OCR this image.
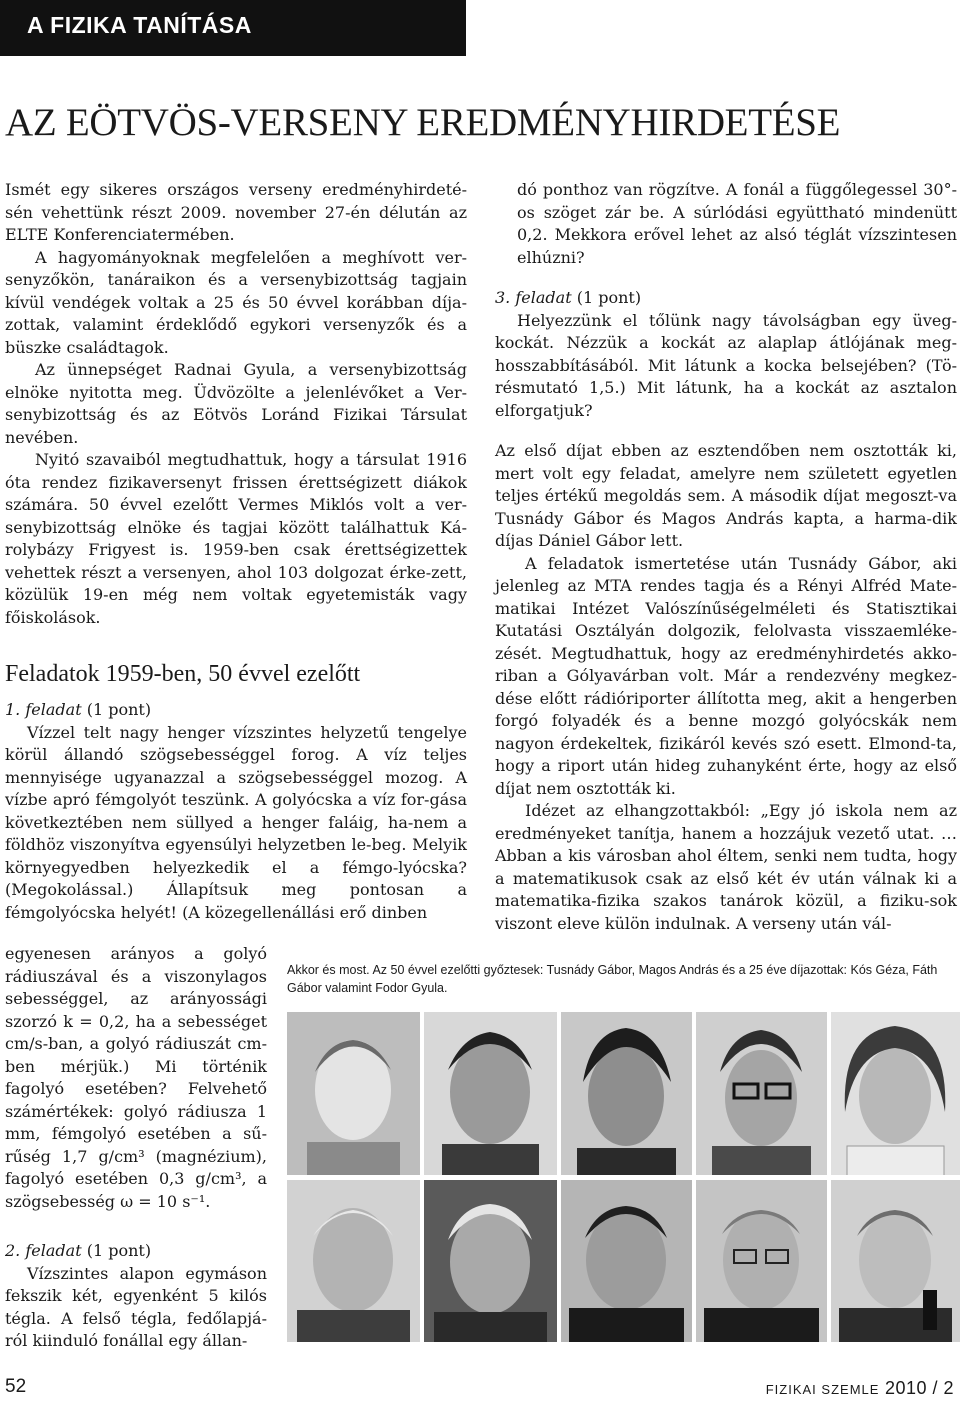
A FIZIKA TANÍTÁSA
AZ EÖTVÖS-VERSENY EREDMÉNYHIRDETÉSE

Ismét egy sikeres országos verseny eredményhirdeté-sén vehettünk részt 2009. november 27-én délután az ELTE Konferenciatermében.

A hagyományoknak megfelelően a meghívott ver-senyzőkön, tanáraikon és a versenybizottság tagjain kívül vendégek voltak a 25 és 50 évvel korábban díja-zottak, valamint érdeklődő egykori versenyzők és a büszke családtagok.

Az ünnepséget Radnai Gyula, a versenybizottság elnöke nyitotta meg. Üdvözölte a jelenlévőket a Ver-senybizottság és az Eötvös Loránd Fizikai Társulat nevében.

Nyitó szavaiból megtudhattuk, hogy a társulat 1916 óta rendez fizikaversenyt frissen érettségizett diákok számára. 50 évvel ezelőtt Vermes Miklós volt a ver-senybizottság elnöke és tagjai között találhattuk Ká-rolybázy Frigyest is. 1959-ben csak érettségizettek vehettek részt a versenyen, ahol 103 dolgozat érke-zett, közülük 19-en még nem voltak egyetemisták vagy főiskolások.

Feladatok 1959-ben, 50 évvel ezelőtt

1. feladat (1 pont)

Vízzel telt nagy henger vízszintes helyzetű tengelye körül állandó szögsebességgel forog. A víz teljes mennyisége ugyanazzal a szögsebességgel mozog. A vízbe apró fémgolyót teszünk. A golyócska a víz for-gása következtében nem süllyed a henger faláig, ha-nem a földhöz viszonyítva egyensúlyi helyzetben le-beg. Melyik környegyedben helyezkedik el a fémgo-lyócska? (Megokolással.) Állapítsuk meg pontosan a fémgolyócska helyét! (A közegellenállási erő dinben

egyenesen arányos a golyó rádiuszával és a viszonylagos sebességgel, az arányossági szorzó k = 0,2, ha a sebességet cm/s-ban, a golyó rádiuszát cm-ben mérjük.) Mi történik fagolyó esetében? Felvehető számértékek: golyó rádiusza 1 mm, fémgolyó esetében a sű-rűség 1,7 g/cm³ (magnézium), fagolyó esetében 0,3 g/cm³, a szögsebesség ω = 10 s⁻¹.

2. feladat (1 pont)

Vízszintes alapon egymáson fekszik két, egyenként 5 kilós tégla. A felső tégla, fedőlapjá-ról kiinduló fonállal egy állan-

dó ponthoz van rögzítve. A fonál a függőlegessel 30°-os szöget zár be. A súrlódási együttható mindenütt 0,2. Mekkora erővel lehet az alsó téglát vízszintesen elhúzni?

3. feladat (1 pont)

Helyezzünk el tőlünk nagy távolságban egy üveg-kockát. Nézzük a kockát az alaplap átlójának meg-hosszabbításából. Mit látunk a kocka belsejében? (Tö-résmutató 1,5.) Mit látunk, ha a kockát az asztalon elforgatjuk?

Az első díjat ebben az esztendőben nem osztották ki, mert volt egy feladat, amelyre nem született egyetlen teljes értékű megoldás sem. A második díjat megoszt-va Tusnády Gábor és Magos András kapta, a harma-dik díjas Dániel Gábor lett.

A feladatok ismertetése után Tusnády Gábor, aki jelenleg az MTA rendes tagja és a Rényi Alfréd Mate-matikai Intézet Valószínűségelméleti és Statisztikai Kutatási Osztályán dolgozik, felolvasta visszaemléke-zését. Megtudhattuk, hogy az eredményhirdetés akko-riban a Gólyavárban volt. Már a rendezvény megkez-dése előtt rádióriporter állította meg, akit a hengerben forgó folyadék és a benne mozgó golyócskák nem nagyon érdekeltek, fizikáról kevés szó esett. Elmond-ta, hogy a riport után hideg zuhanyként érte, hogy az első díjat nem osztották ki.

Idézet az elhangzottakból: „Egy jó iskola nem az eredményeket tanítja, hanem a hozzájuk vezető utat. … Abban a kis városban ahol éltem, senki nem tudta, hogy a matematikusok csak az első két év után válnak ki a matematika-fizika szakos tanárok közül, a fiziku-sok viszont eleve külön indulnak. A verseny után vál-

Akkor és most. Az 50 évvel ezelőtti győztesek: Tusnády Gábor, Magos András és a 25 éve díjazottak: Kós Géza, Fáth Gábor valamint Fodor Gyula.
52	FIZIKAI SZEMLE 2010 / 2
